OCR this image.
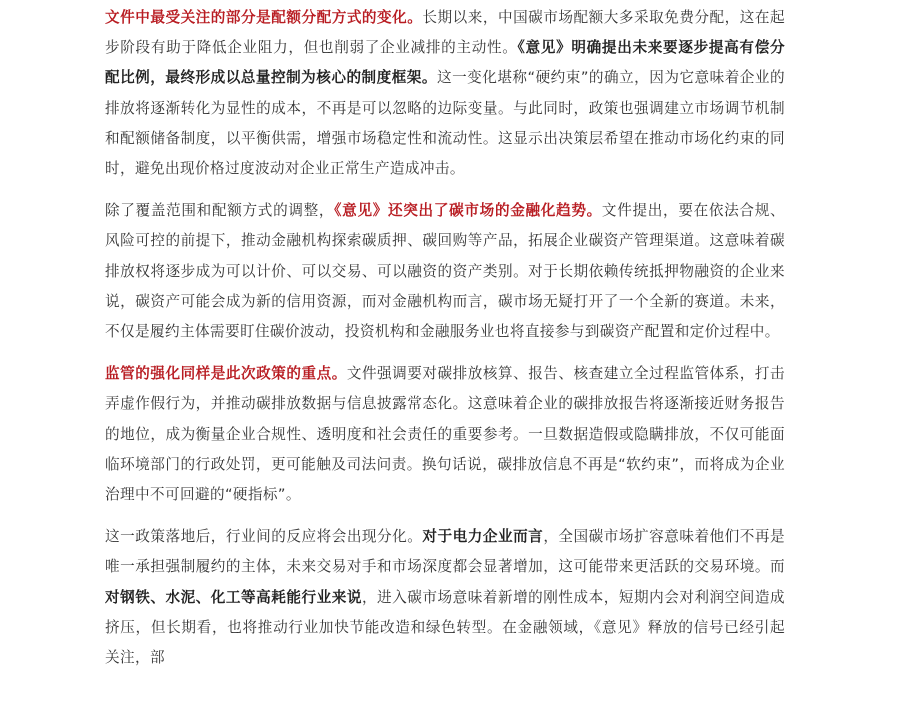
文件中最受关注的部分是配额分配方式的变化。长期以来，中国碳市场配额大多采取免费分配，这在起步阶段有助于降低企业阻力，但也削弱了企业减排的主动性。《意见》明确提出未来要逐步提高有偿分配比例，最终形成以总量控制为核心的制度框架。这一变化堪称“硬约束”的确立，因为它意味着企业的排放将逐渐转化为显性的成本，不再是可以忽略的边际变量。与此同时，政策也强调建立市场调节机制和配额储备制度，以平衡供需，增强市场稳定性和流动性。这显示出决策层希望在推动市场化约束的同时，避免出现价格过度波动对企业正常生产造成冲击。

除了覆盖范围和配额方式的调整，《意见》还突出了碳市场的金融化趋势。文件提出，要在依法合规、风险可控的前提下，推动金融机构探索碳质押、碳回购等产品，拓展企业碳资产管理渠道。这意味着碳排放权将逐步成为可以计价、可以交易、可以融资的资产类别。对于长期依赖传统抵押物融资的企业来说，碳资产可能会成为新的信用资源，而对金融机构而言，碳市场无疑打开了一个全新的赛道。未来，不仅是履约主体需要盯住碳价波动，投资机构和金融服务业也将直接参与到碳资产配置和定价过程中。

监管的强化同样是此次政策的重点。文件强调要对碳排放核算、报告、核查建立全过程监管体系，打击弄虚作假行为，并推动碳排放数据与信息披露常态化。这意味着企业的碳排放报告将逐渐接近财务报告的地位，成为衡量企业合规性、透明度和社会责任的重要参考。一旦数据造假或隐瞒排放，不仅可能面临环境部门的行政处罚，更可能触及司法问责。换句话说，碳排放信息不再是“软约束”，而将成为企业治理中不可回避的“硬指标”。

这一政策落地后，行业间的反应将会出现分化。对于电力企业而言，全国碳市场扩容意味着他们不再是唯一承担强制履约的主体，未来交易对手和市场深度都会显著增加，这可能带来更活跃的交易环境。而对钢铁、水泥、化工等高耗能行业来说，进入碳市场意味着新增的刚性成本，短期内会对利润空间造成挤压，但长期看，也将推动行业加快节能改造和绿色转型。在金融领域，《意见》释放的信号已经引起关注，部
